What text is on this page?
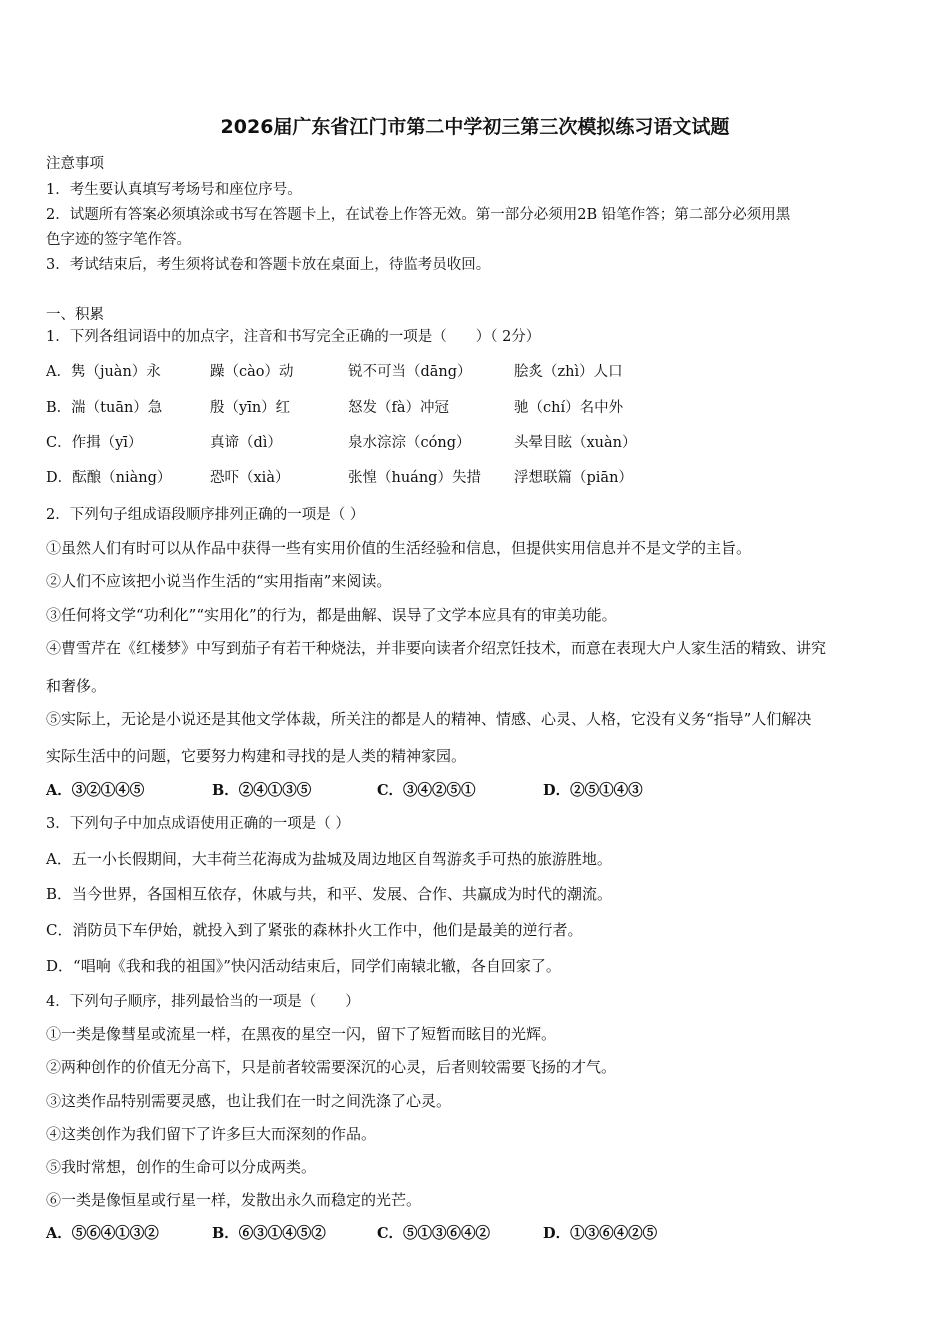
2026届广东省江门市第二中学初三第三次模拟练习语文试题
注意事项
1．考生要认真填写考场号和座位序号。
2．试题所有答案必须填涂或书写在答题卡上，在试卷上作答无效。第一部分必须用2B 铅笔作答；第二部分必须用黑
色字迹的签字笔作答。
3．考试结束后，考生须将试卷和答题卡放在桌面上，待监考员收回。
一、积累
1．下列各组词语中的加点字，注音和书写完全正确的一项是（　　）（ 2分）
A．隽（juàn）永	躁（cào）动	锐不可当（dāng）	脍炙（zhì）人口
B．湍（tuān）急	殷（yīn）红	怒发（fà）冲冠	驰（chí）名中外
C．作揖（yī）	真谛（dì）	泉水淙淙（cóng）	头晕目眩（xuàn）
D．酝酿（niàng）	恐吓（xià）	张惶（huáng）失措 浮想联篇（piān）
2．下列句子组成语段顺序排列正确的一项是（ ）
①虽然人们有时可以从作品中获得一些有实用价值的生活经验和信息，但提供实用信息并不是文学的主旨。
②人们不应该把小说当作生活的“实用指南”来阅读。
③任何将文学“功利化”“实用化”的行为，都是曲解、误导了文学本应具有的审美功能。
④曹雪芹在《红楼梦》中写到茄子有若干种烧法，并非要向读者介绍烹饪技术，而意在表现大户人家生活的精致、讲究
和奢侈。
⑤实际上，无论是小说还是其他文学体裁，所关注的都是人的精神、情感、心灵、人格，它没有义务“指导”人们解决
实际生活中的问题，它要努力构建和寻找的是人类的精神家园。
A．③②①④⑤	B．②④①③⑤	C．③④②⑤①	D．②⑤①④③
3．下列句子中加点成语使用正确的一项是（ ）
A．五一小长假期间，大丰荷兰花海成为盐城及周边地区自驾游炙手可热的旅游胜地。
B．当今世界，各国相互依存，休戚与共，和平、发展、合作、共赢成为时代的潮流。
C．消防员下车伊始，就投入到了紧张的森林扑火工作中，他们是最美的逆行者。
D．“唱响《我和我的祖国》”快闪活动结束后，同学们南辕北辙，各自回家了。
4．下列句子顺序，排列最恰当的一项是（　　）
①一类是像彗星或流星一样，在黑夜的星空一闪，留下了短暂而眩目的光辉。
②两种创作的价值无分高下，只是前者较需要深沉的心灵，后者则较需要飞扬的才气。
③这类作品特别需要灵感，也让我们在一时之间洗涤了心灵。
④这类创作为我们留下了许多巨大而深刻的作品。
⑤我时常想，创作的生命可以分成两类。
⑥一类是像恒星或行星一样，发散出永久而稳定的光芒。
A．⑤⑥④①③②	B．⑥③①④⑤②	C．⑤①③⑥④②	D．①③⑥④②⑤
